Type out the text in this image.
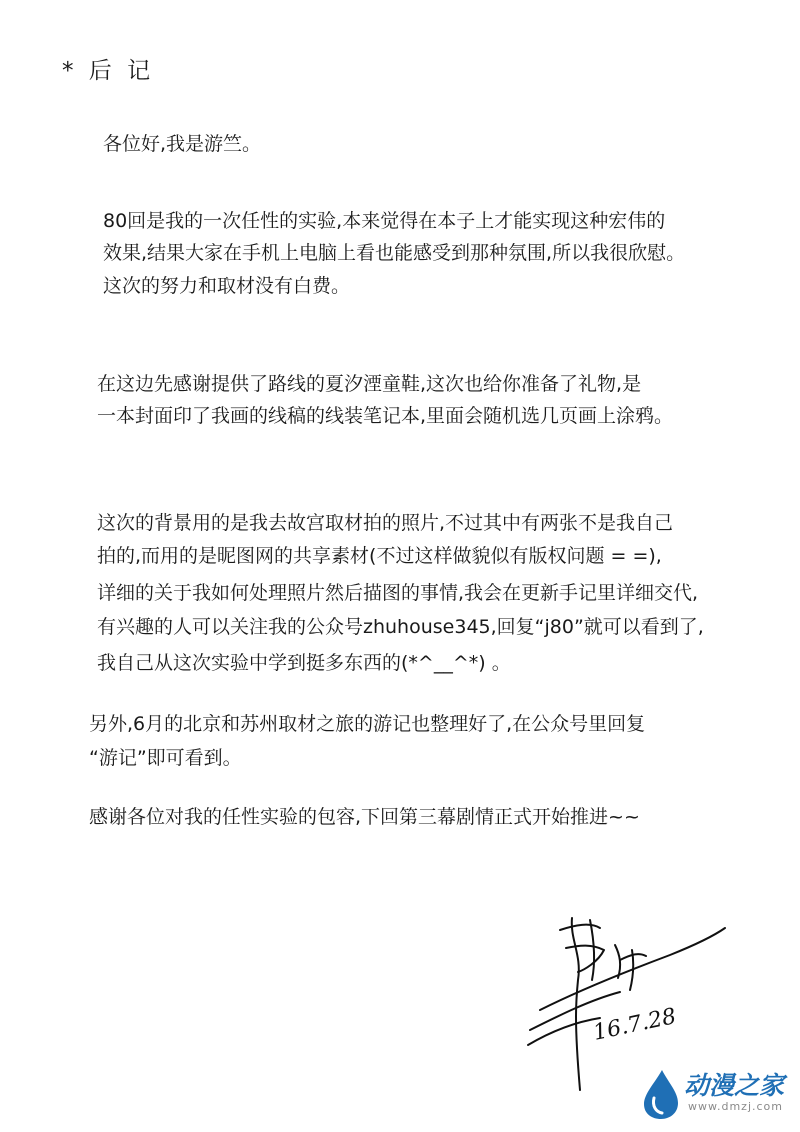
* 后 记
各位好,我是游竺。
80回是我的一次任性的实验,本来觉得在本子上才能实现这种宏伟的
效果,结果大家在手机上电脑上看也能感受到那种氛围,所以我很欣慰。
这次的努力和取材没有白费。
在这边先感谢提供了路线的夏汐湮童鞋,这次也给你准备了礼物,是
一本封面印了我画的线稿的线装笔记本,里面会随机选几页画上涂鸦。
这次的背景用的是我去故宫取材拍的照片,不过其中有两张不是我自己
拍的,而用的是昵图网的共享素材(不过这样做貌似有版权问题 = =),
详细的关于我如何处理照片然后描图的事情,我会在更新手记里详细交代,
有兴趣的人可以关注我的公众号zhuhouse345,回复“j80”就可以看到了,
我自己从这次实验中学到挺多东西的(*^__^*) 。
另外,6月的北京和苏州取材之旅的游记也整理好了,在公众号里回复
“游记”即可看到。
感谢各位对我的任性实验的包容,下回第三幕剧情正式开始推进~~
16.7.28
动漫之家
www.dmzj.com
